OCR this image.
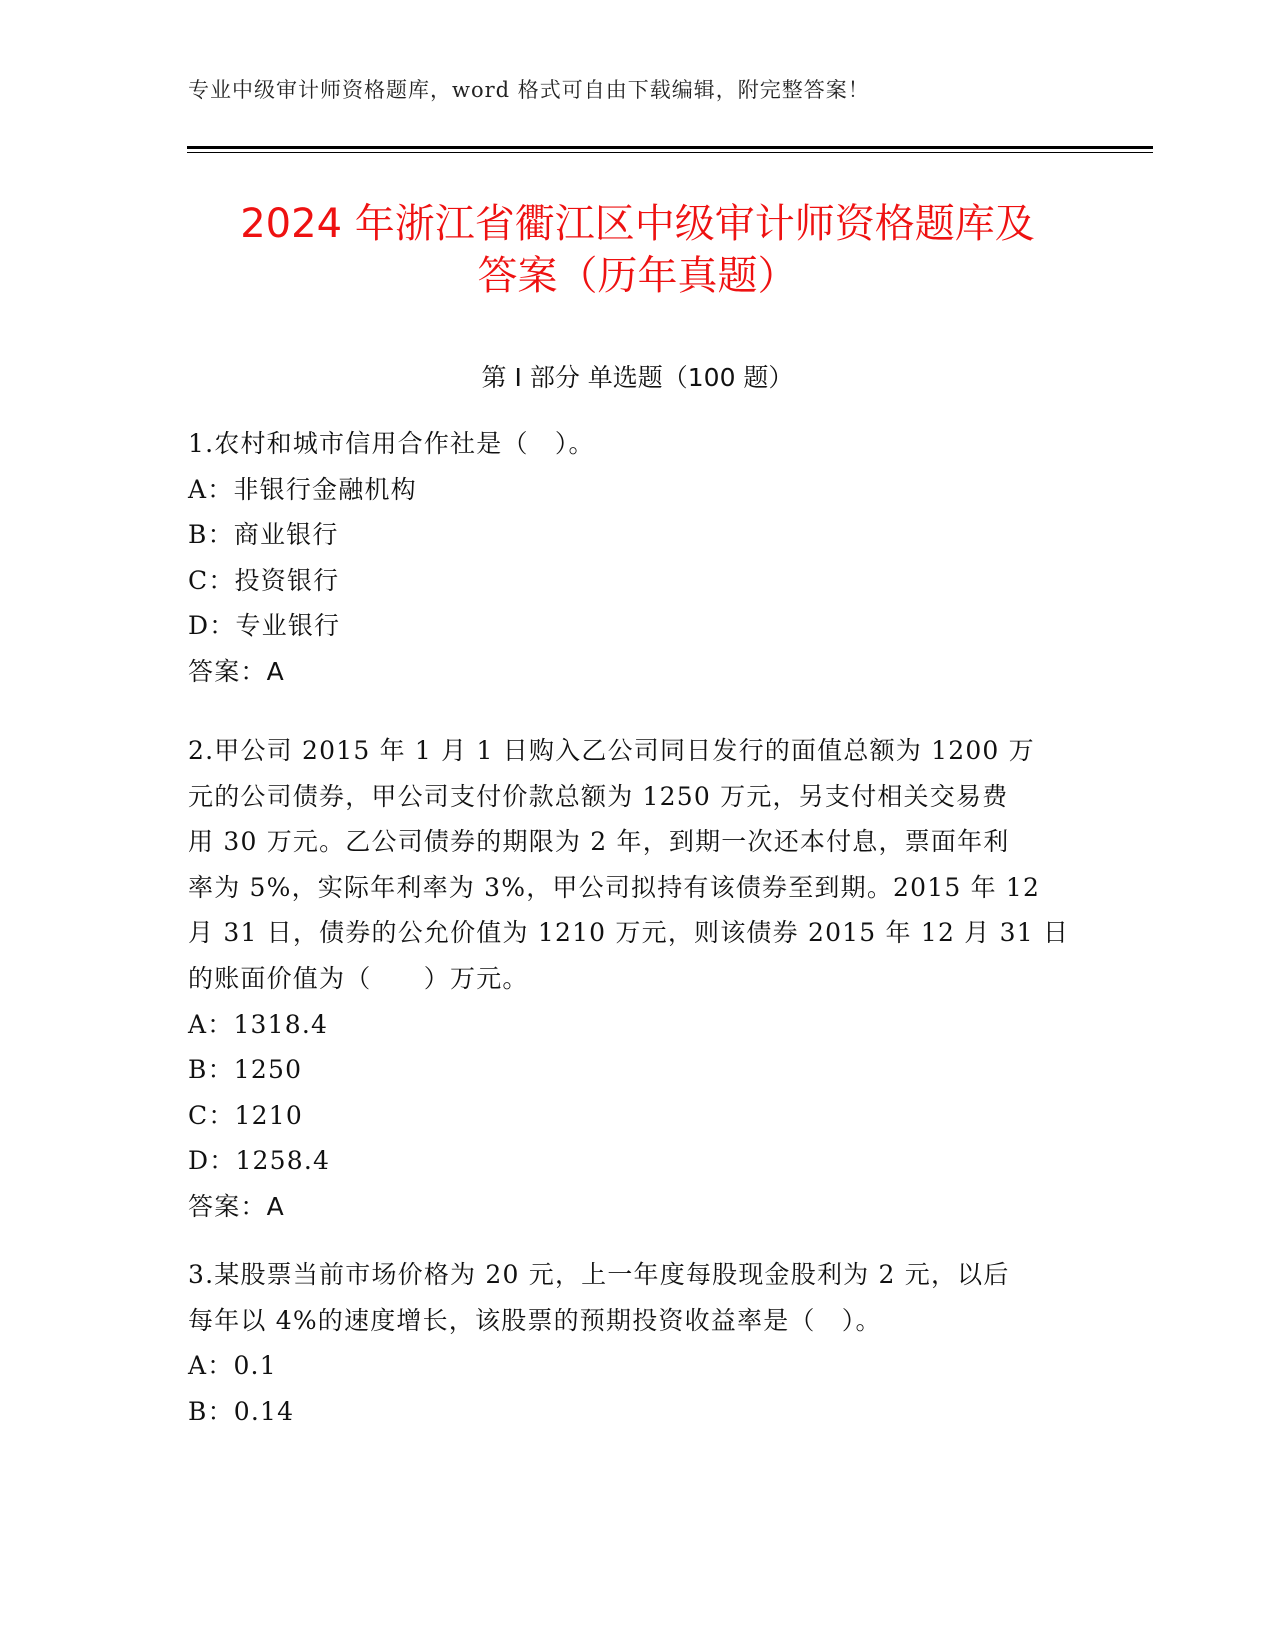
专业中级审计师资格题库，word 格式可自由下载编辑，附完整答案！
2024 年浙江省衢江区中级审计师资格题库及
答案（历年真题）
第 I 部分 单选题（100 题）
1.农村和城市信用合作社是（　）。
A：非银行金融机构
B：商业银行
C：投资银行
D：专业银行
答案：A
2.甲公司 2015 年 1 月 1 日购入乙公司同日发行的面值总额为 1200 万
元的公司债券，甲公司支付价款总额为 1250 万元，另支付相关交易费
用 30 万元。乙公司债券的期限为 2 年，到期一次还本付息，票面年利
率为 5%，实际年利率为 3%，甲公司拟持有该债券至到期。2015 年 12
月 31 日，债券的公允价值为 1210 万元，则该债券 2015 年 12 月 31 日
的账面价值为（　　）万元。
A：1318.4
B：1250
C：1210
D：1258.4
答案：A
3.某股票当前市场价格为 20 元，上一年度每股现金股利为 2 元，以后
每年以 4%的速度增长，该股票的预期投资收益率是（　）。
A：0.1
B：0.14
